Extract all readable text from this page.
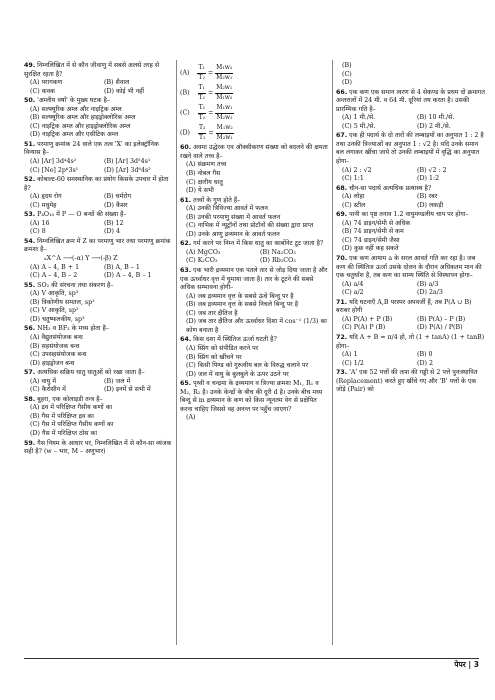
49. निम्नलिखित में से कौन जीवाणु में सबसे अलसे तरह से सुरक्षित रहता है?
(A) परागकण	(B) शैवाल
(C) कवक	(D) कोई भी नहीं
50. 'अम्लीय वर्षा' के मुख्य घटक है–
(A) सल्फ्यूरिक अम्ल और नाइट्रिक अम्ल
(B) सल्फ्यूरिक अम्ल और हाइड्रोक्लोरिक अम्ल
(C) नाइट्रिक अम्ल और हाइड्रोक्लोरिक अम्ल
(D) नाइट्रिक अम्ल और एसीटिक अम्ल
51. परमाणु क्रमांक 24 वाले एक तत्व 'X' का इलेक्ट्रॉनिक विन्यास है–
(A) [Ar] 3d⁴4s²	(B) [Ar] 3d⁵4s¹
(C) [Ne] 2p⁶3s¹	(D) [Ar] 3d⁶4s²
52. कोबाल्ट-60 समस्थानिक का प्रयोग किसके उपचार में होता है?
(A) हृदय रोग	(B) चर्मरोग
(C) मधुमेह	(D) कैंसर
53. P₄O₁₀ में P — O बन्धों की संख्या है–
(A) 16	(B) 12
(C) 8	(D) 4
54. निम्नलिखित क्रम में Z का परमाणु भार तथा परमाणु क्रमांक क्रमशः है–
ₓX^A ⟶(-α) Y ⟶(-β) Z
(A) A – 4, B + 1	(B) A, B – 1
(C) A – 4, B – 2	(D) A – 4, B – 1
55. SO₂ की संरचना तथा संकरण है–
(A) V आकृति, sp³
(B) त्रिकोणीय समतल, sp²
(C) V आकृति, sp²
(D) चतुष्फलकीय, sp³
56. NH₃ व BF₃ के मध्य होता है–
(A) वैद्युतसंयोजक बन्ध
(B) सहसंयोजक बन्ध
(C) उपसहसंयोजक बन्ध
(D) हाइड्रोजन बन्ध
57. अत्यधिक सक्रिय धातु धातुओं को रखा जाता है–
(A) वायु में	(B) जल में
(C) कैरोसीन में	(D) इनमें से सभी में
58. बुहरा, एक कोलाइडी तन्त्र है–
(A) द्रव में परिक्षिप्त गैसीय कणों का
(B) गैस में परिक्षिप्त द्रव का
(C) गैस में परिक्षिप्त गैसीय कणों का
(D) गैस में परिक्षिप्त ठोस का
59. गैस नियम के आधार पर, निम्नलिखित में से कौन-सा व्यंजक सही है? (w – भार, M – अणुभार)
$(A) \frac{\text{T₁}}{\text{T₂}} = \frac{\text{M₁w₂}}{\text{M₂w₁}}$
$(B) \frac{\text{T₁}}{\text{T₂}} = \frac{\text{M₂w₁}}{\text{M₁w₂}}$
$(C) \frac{\text{T₁}}{\text{T₂}} = \frac{\text{M₁w₁}}{\text{M₂w₂}}$
$(D) \frac{\text{T₂}}{\text{T₁}} = \frac{\text{M₁w₂}}{\text{M₂w₁}}$
60. अवमा उद्धेरक एव ऑक्सीकरण संख्या को बदलने की क्षमता रखने वाले तत्त्व है–
(A) संक्रमण तत्त्व
(B) नोबल गैस
(C) क्षारीय धातु
(D) ये सभी
61. तत्त्वों के गुण होते हैं–
(A) उनकी त्रिविज्या आवर्त में फलन
(B) उनकी परमाणु संख्या में आवर्त फलन
(C) नाभिक में न्यूट्रॉनों तथा प्रोटॉनों की संख्या द्वारा प्राप्त
(D) उनके आणु द्रव्यमान के आवर्त फलन
62. गर्म करने पर निम्न में किस धातु का कार्बोनेट टूट जाता है?
(A) MgCO₃	(B) Na₂CO₃
(C) K₂CO₃	(D) Rb₂CO₃
63. एक भारी द्रव्यमान एक पतले तार से जोड़ दिया जाता है और एक ऊर्ध्वाधर वृत्त में घुमाया जाता है। तार के टूटने की सबसे अधिक सम्भावना होगी–
(A) जब द्रव्यमान वृत्त के सबसे ऊंचे बिन्दु पर है
(B) जब द्रव्यमान वृत्त के सबसे निचले बिन्दु पर है
(C) जब तार क्षैतिज है
(D) जब तार क्षैतिज और ऊर्ध्वाधर दिशा में cos⁻¹ (1/3) का कोण बनाता है
64. किस दशा में स्थितिज ऊर्जा घटती है?
(A) स्प्रिंग को संपीडित करने पर
(B) स्प्रिंग को खींचने पर
(C) किसी पिण्ड को गुरुत्वीय बल के विरुद्ध चलाने पर
(D) जल में वायु के बुलबुले के ऊपर उठने पर
65. पृथ्वी व चन्द्रमा के द्रव्यमान व त्रिज्या क्रमशः M₁, R₁ व M₂, R₂ है। उनके केन्द्रों के बीच की दूरी d है। उनके बीच मध्य बिन्दु से m द्रव्यमान के कण को किस न्यूनतम वेग से प्रक्षेपित करना चाहिए जिससे वह अनन्त पर पहुँच जाएगा?
(A)
(B)
(C)
(D)
66. एक कण एक समान त्वरण से 4 सेकण्ड के प्रथम दो क्रमागत अन्तरालों में 24 मी. व 64 मी. दूरियां तय करता है। उसकी प्रारम्भिक गति है–
(A) 1 मी./से.	(B) 10 मी./से.
(C) 5 मी./से.	(D) 2 मी./से.
67. एक ही पदार्थ के दो तारों की लम्बाइयों का अनुपात 1 : 2 है तथा उनकी त्रिज्याओं का अनुपात 1 : √2 है। यदि उनके समान बल लगाकर खींचा जाये तो उनकी लम्बाइयों में वृद्धि का अनुपात होगा–
(A) 2 : √2	(B) √2 : 2
(C) 1:1	(D) 1:2
68. चौन-सा पदार्थ अत्यधिक प्रत्यास्थ है?
(A) लोहा	(B) रबर
(C) स्टील	(D) लकड़ी
69. पानी का पृष्ठ तनाव 1.2 वायुमण्डलीय चाप पर होगा–
(A) 74 डाइन/सेमी से अधिक
(B) 74 डाइन/सेमी से कम
(C) 74 डाइन/सेमी जैसा
(D) कुछ नहीं कह सकते
70. एक कण आयाम a के सरल आवर्त गति कर रहा है। जब कण की स्थितिज ऊर्जा उसके दोलन के दौरान अधिकतम मान की एक चतुर्थांश है, तब कण का साम्य स्थिति से विस्थापन होगा–
(A) a/4	(B) a/3
(C) a/2	(D) 2a/3
71. यदि घटनाएँ A,B परस्पर अपवर्जी हैं, तब P(A ∪ B) बराबर होगी
(A) P(A) + P (B)	(B) P(A) – P (B)
(C) P(A) P (B)	(D) P(A) / P(B)
72. यदि A + B = π/4 हो, तो (1 + tanA) (1 + tanB) होगा–
(A) 1	(B) 0
(C) 1/2	(D) 2
73. 'A' एक 52 पत्तों की ताश की गड्डी से 2 पत्ते पुनःस्थापित (Replacement) करते हुए खींचे गए और 'B' पत्तों के एक जोड़े (Pair) को
पेपर | 3
